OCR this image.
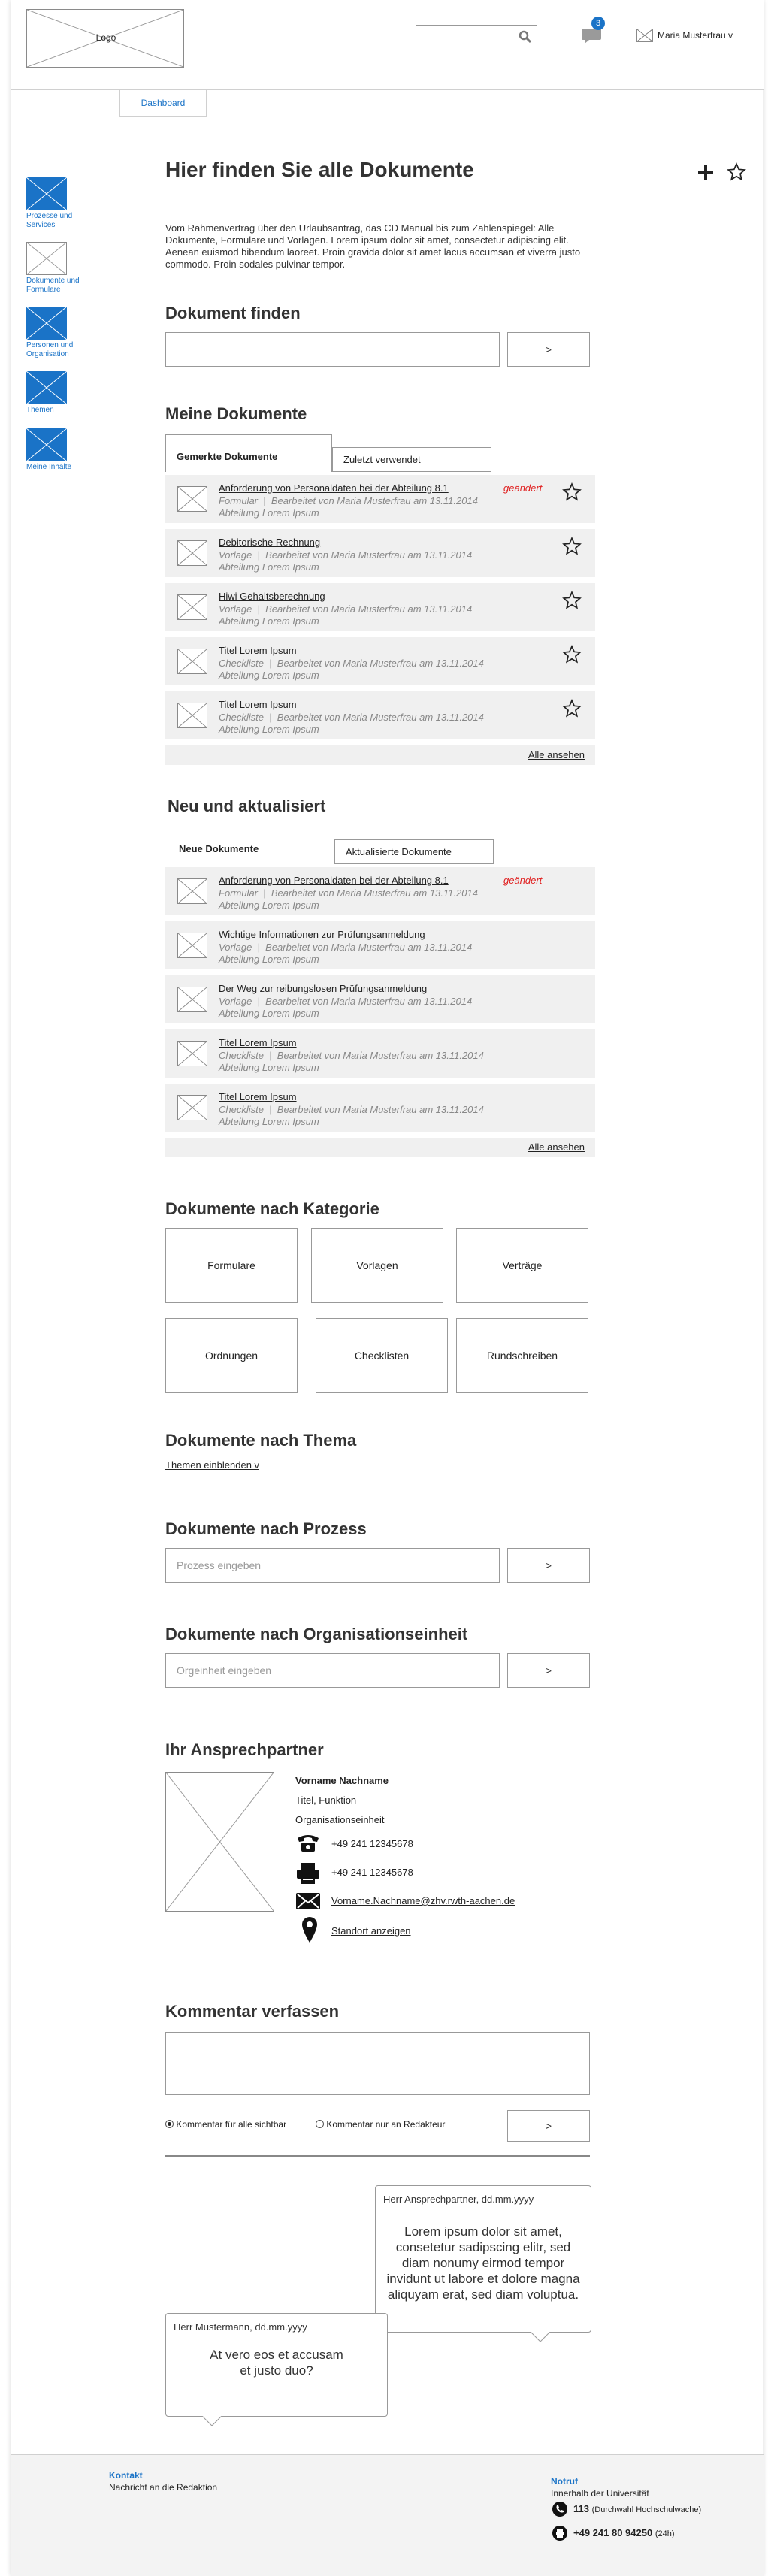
Logo
3
Maria Musterfrau v
Dashboard
Prozesse und Services
Dokumente und Formulare
Personen und Organisation
Themen
Meine Inhalte
Hier finden Sie alle Dokumente

Vom Rahmenvertrag über den Urlaubsantrag, das CD Manual bis zum Zahlenspiegel: Alle Dokumente, Formulare und Vorlagen. Lorem ipsum dolor sit amet, consectetur adipiscing elit. Aenean euismod bibendum laoreet. Proin gravida dolor sit amet lacus accumsan et viverra justo commodo. Proin sodales pulvinar tempor.

Dokument finden
>
Meine Dokumente
Gemerkte Dokumente	Zuletzt verwendet
Anforderung von Personaldaten bei der Abteilung 8.1
Formular  |  Bearbeitet von Maria Musterfrau am 13.11.2014
Abteilung Lorem Ipsum
geändert
Debitorische Rechnung
Vorlage  |  Bearbeitet von Maria Musterfrau am 13.11.2014
Abteilung Lorem Ipsum
Hiwi Gehaltsberechnung
Vorlage  |  Bearbeitet von Maria Musterfrau am 13.11.2014
Abteilung Lorem Ipsum
Titel Lorem Ipsum
Checkliste  |  Bearbeitet von Maria Musterfrau am 13.11.2014
Abteilung Lorem Ipsum
Titel Lorem Ipsum
Checkliste  |  Bearbeitet von Maria Musterfrau am 13.11.2014
Abteilung Lorem Ipsum
Alle ansehen
Neu und aktualisiert
Neue Dokumente	Aktualisierte Dokumente
Anforderung von Personaldaten bei der Abteilung 8.1
Formular  |  Bearbeitet von Maria Musterfrau am 13.11.2014
Abteilung Lorem Ipsum
geändert
Wichtige Informationen zur Prüfungsanmeldung
Vorlage  |  Bearbeitet von Maria Musterfrau am 13.11.2014
Abteilung Lorem Ipsum
Der Weg zur reibungslosen Prüfungsanmeldung
Vorlage  |  Bearbeitet von Maria Musterfrau am 13.11.2014
Abteilung Lorem Ipsum
Titel Lorem Ipsum
Checkliste  |  Bearbeitet von Maria Musterfrau am 13.11.2014
Abteilung Lorem Ipsum
Titel Lorem Ipsum
Checkliste  |  Bearbeitet von Maria Musterfrau am 13.11.2014
Abteilung Lorem Ipsum
Alle ansehen
Dokumente nach Kategorie
Formulare	Vorlagen	Verträge
Ordnungen	Checklisten	Rundschreiben
Dokumente nach Thema
Themen einblenden v
Dokumente nach Prozess
Prozess eingeben	>
Dokumente nach Organisationseinheit
Orgeinheit eingeben	>
Ihr Ansprechpartner
Vorname Nachname
Titel, Funktion
Organisationseinheit
+49 241 12345678
+49 241 12345678
Vorname.Nachname@zhv.rwth-aachen.de
Standort anzeigen
Kommentar verfassen
Kommentar für alle sichtbar	Kommentar nur an Redakteur	>
Herr Ansprechpartner, dd.mm.yyyy
Lorem ipsum dolor sit amet, consetetur sadipscing elitr, sed diam nonumy eirmod tempor invidunt ut labore et dolore magna aliquyam erat, sed diam voluptua.
Herr Mustermann, dd.mm.yyyy
At vero eos et accusam et justo duo?
Kontakt
Nachricht an die Redaktion
Notruf
Innerhalb der Universität
113 (Durchwahl Hochschulwache)
+49 241 80 94250 (24h)
